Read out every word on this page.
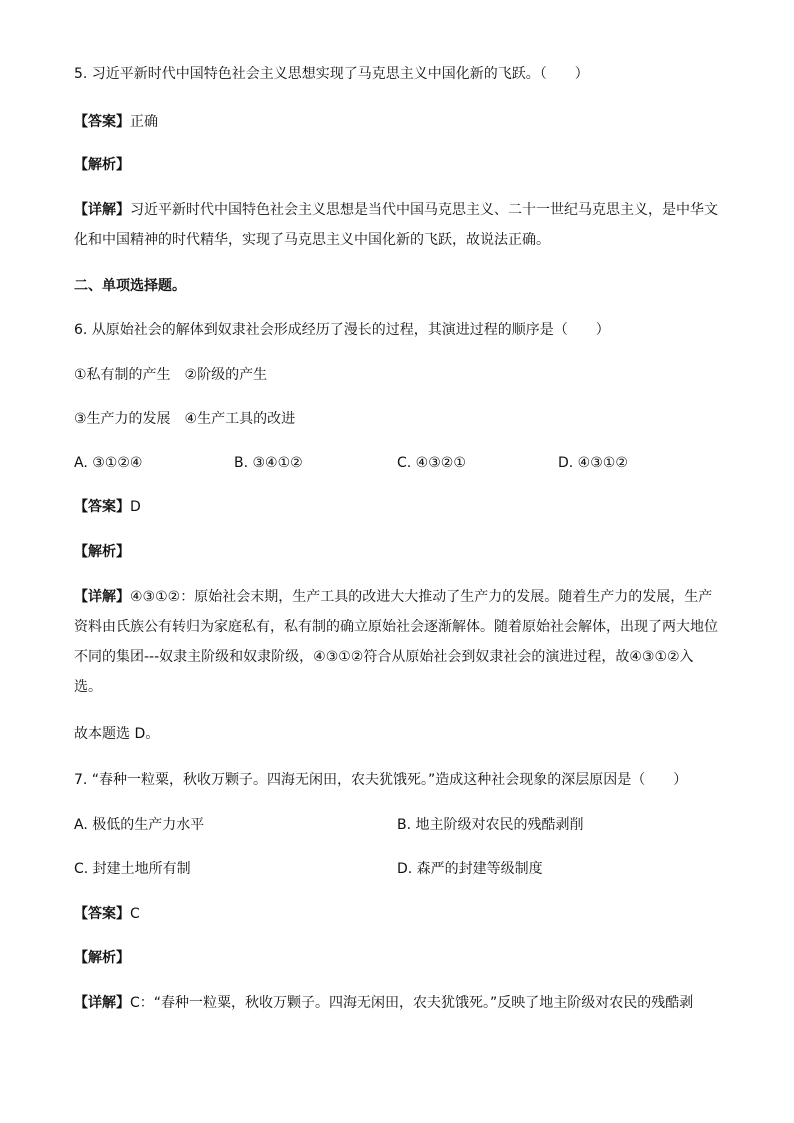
5. 习近平新时代中国特色社会主义思想实现了马克思主义中国化新的飞跃。（　　）
【答案】正确
【解析】
【详解】习近平新时代中国特色社会主义思想是当代中国马克思主义、二十一世纪马克思主义，是中华文
化和中国精神的时代精华，实现了马克思主义中国化新的飞跃，故说法正确。
二、单项选择题。
6. 从原始社会的解体到奴隶社会形成经历了漫长的过程，其演进过程的顺序是（　　）
①私有制的产生　②阶级的产生
③生产力的发展　④生产工具的改进
A. ③①②④	B. ③④①②	C. ④③②①	D. ④③①②
【答案】D
【解析】
【详解】④③①②：原始社会末期，生产工具的改进大大推动了生产力的发展。随着生产力的发展，生产
资料由氏族公有转归为家庭私有，私有制的确立原始社会逐渐解体。随着原始社会解体，出现了两大地位
不同的集团---奴隶主阶级和奴隶阶级，④③①②符合从原始社会到奴隶社会的演进过程，故④③①②入
选。
故本题选 D。
7. “春种一粒粟，秋收万颗子。四海无闲田，农夫犹饿死。”造成这种社会现象的深层原因是（　　）
A. 极低的生产力水平	B. 地主阶级对农民的残酷剥削
C. 封建土地所有制	D. 森严的封建等级制度
【答案】C
【解析】
【详解】C：“春种一粒粟，秋收万颗子。四海无闲田，农夫犹饿死。”反映了地主阶级对农民的残酷剥
